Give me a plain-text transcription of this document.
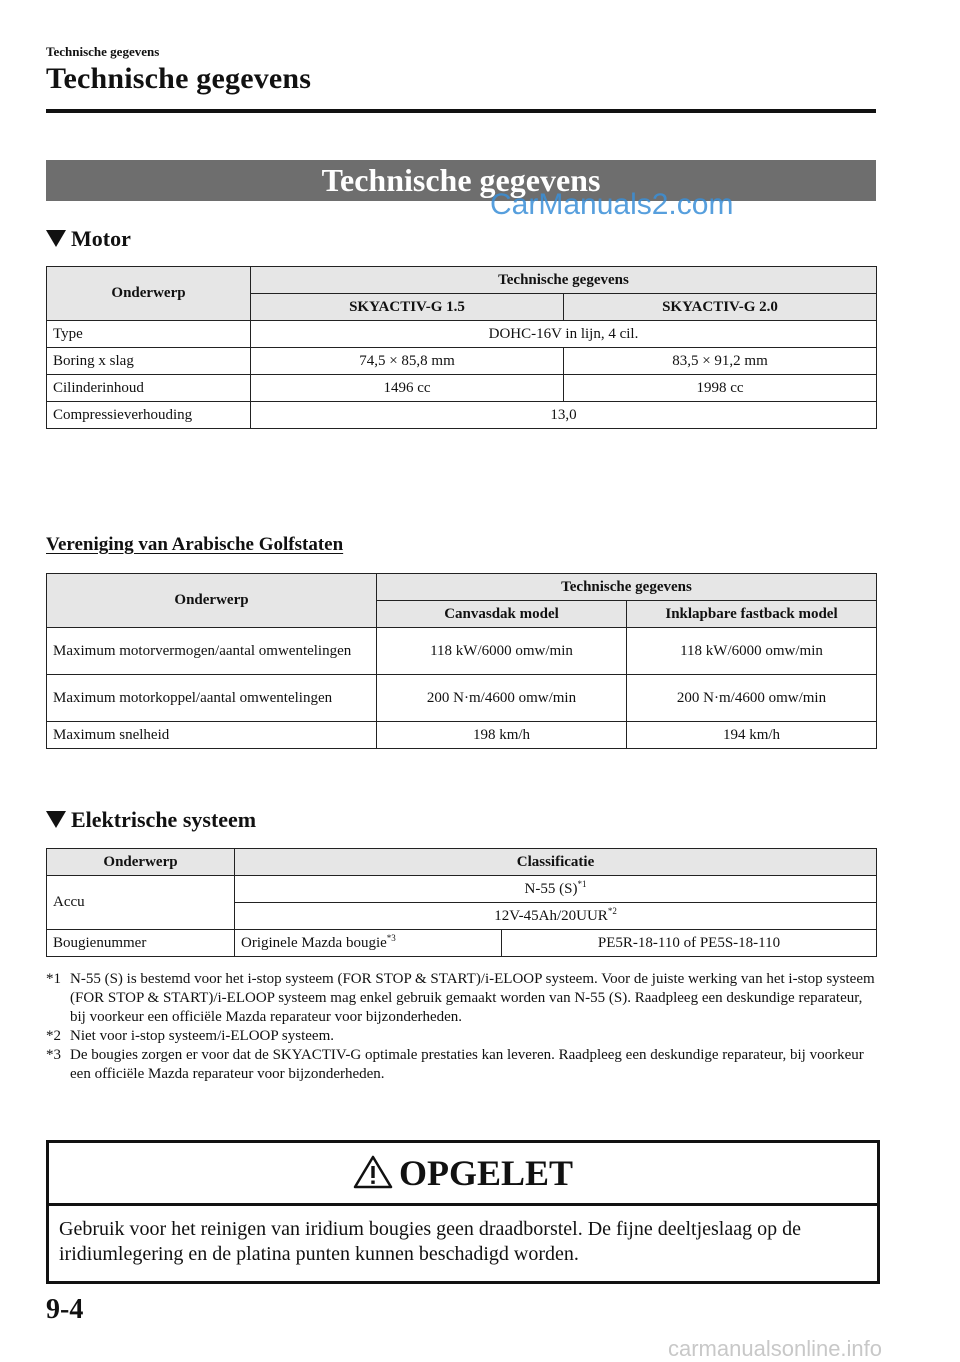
Technische gegevens
Technische gegevens
Technische gegevens
CarManuals2.com
Motor
Onderwerp	Technische gegevens	
	SKYACTIV-G 1.5	SKYACTIV-G 2.0
Type	DOHC-16V in lijn, 4 cil.	
Boring x slag	74,5 × 85,8 mm	83,5 × 91,2 mm
Cilinderinhoud	1496 cc	1998 cc
Compressieverhouding	13,0	
Vereniging van Arabische Golfstaten
Onderwerp	Technische gegevens	
	Canvasdak model	Inklapbare fastback model
Maximum motorvermogen/aantal omwentelingen	118 kW/6000 omw/min	118 kW/6000 omw/min
Maximum motorkoppel/aantal omwentelingen	200 N·m/4600 omw/min	200 N·m/4600 omw/min
Maximum snelheid	198 km/h	194 km/h
Elektrische systeem
Onderwerp	Classificatie	
Accu	N-55 $(S)^{*1}$
	12V-45Ah/20UUR$^{*2}$
Bougienummer	Originele Mazda bougie$^{*3}$	PE5R-18-110 of PE5S-18-110
*1 N-55 (S) is bestemd voor het i-stop systeem (FOR STOP & START)/i-ELOOP systeem. Voor de juiste werking van het i-stop systeem (FOR STOP & START)/i-ELOOP systeem mag enkel gebruik gemaakt worden van N-55 (S). Raadpleeg een deskundige reparateur, bij voorkeur een officiële Mazda reparateur voor bijzonderheden.
*2 Niet voor i-stop systeem/i-ELOOP systeem.
*3 De bougies zorgen er voor dat de SKYACTIV-G optimale prestaties kan leveren. Raadpleeg een deskundige reparateur, bij voorkeur een officiële Mazda reparateur voor bijzonderheden.
OPGELET
Gebruik voor het reinigen van iridium bougies geen draadborstel. De fijne deeltjeslaag op de iridiumlegering en de platina punten kunnen beschadigd worden.
9-4
carmanualsonline.info
